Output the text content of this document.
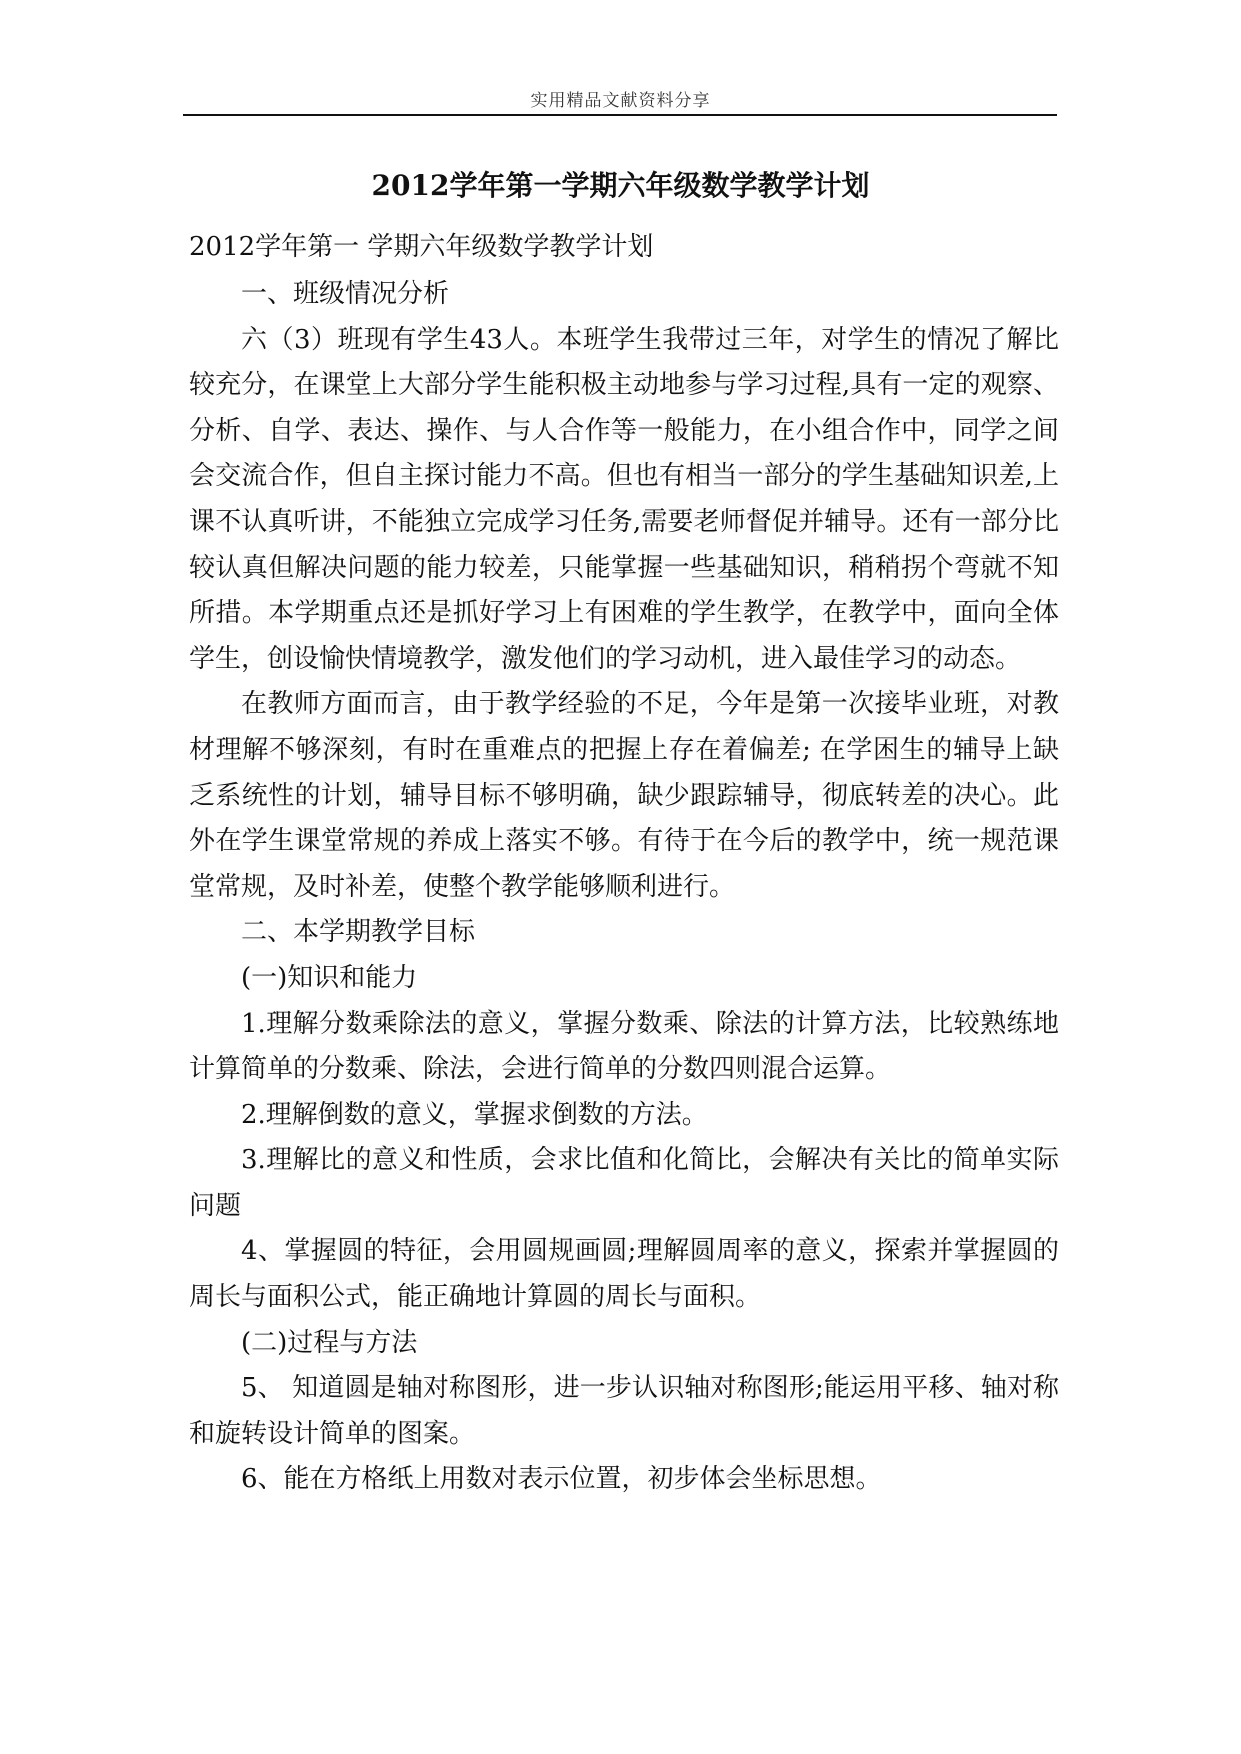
实用精品文献资料分享
2012学年第一学期六年级数学教学计划
2012学年第一 学期六年级数学教学计划

一、班级情况分析

六（3）班现有学生43人。本班学生我带过三年，对学生的情况了解比较充分，在课堂上大部分学生能积极主动地参与学习过程,具有一定的观察、分析、自学、表达、操作、与人合作等一般能力，在小组合作中，同学之间会交流合作，但自主探讨能力不高。但也有相当一部分的学生基础知识差,上课不认真听讲，不能独立完成学习任务,需要老师督促并辅导。还有一部分比较认真但解决问题的能力较差，只能掌握一些基础知识，稍稍拐个弯就不知所措。本学期重点还是抓好学习上有困难的学生教学，在教学中，面向全体学生，创设愉快情境教学，激发他们的学习动机，进入最佳学习的动态。

在教师方面而言，由于教学经验的不足，今年是第一次接毕业班，对教材理解不够深刻，有时在重难点的把握上存在着偏差; 在学困生的辅导上缺乏系统性的计划，辅导目标不够明确，缺少跟踪辅导，彻底转差的决心。此外在学生课堂常规的养成上落实不够。有待于在今后的教学中，统一规范课堂常规，及时补差，使整个教学能够顺利进行。

二、本学期教学目标

(一)知识和能力

1.理解分数乘除法的意义，掌握分数乘、除法的计算方法，比较熟练地计算简单的分数乘、除法，会进行简单的分数四则混合运算。

2.理解倒数的意义，掌握求倒数的方法。

3.理解比的意义和性质，会求比值和化简比，会解决有关比的简单实际问题

4、掌握圆的特征，会用圆规画圆;理解圆周率的意义，探索并掌握圆的周长与面积公式，能正确地计算圆的周长与面积。

(二)过程与方法

5、 知道圆是轴对称图形，进一步认识轴对称图形;能运用平移、轴对称和旋转设计简单的图案。

6、能在方格纸上用数对表示位置，初步体会坐标思想。
